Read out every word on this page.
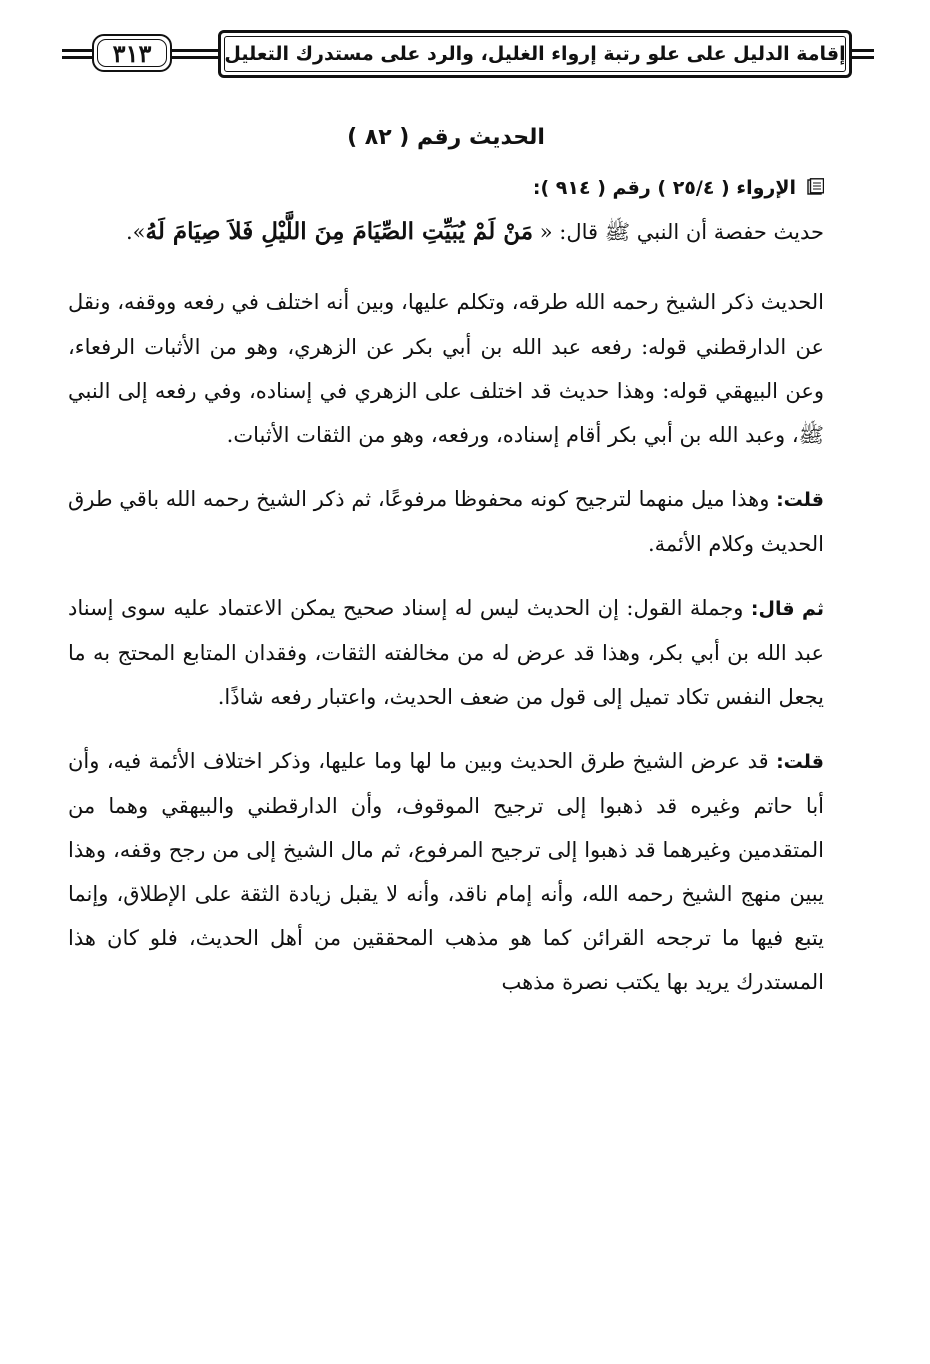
٣١٣	إقامة الدليل على علو رتبة إرواء الغليل، والرد على مستدرك التعليل
الحديث رقم ( ٨٢ )
الإرواء ( ٢٥/٤ ) رقم ( ٩١٤ ):

حديث حفصة أن النبي ﷺ قال: « مَنْ لَمْ يُبَيِّتِ الصِّيَامَ مِنَ اللَّيْلِ فَلاَ صِيَامَ لَهُ».

الحديث ذكر الشيخ رحمه الله طرقه، وتكلم عليها، وبين أنه اختلف في رفعه ووقفه، ونقل عن الدارقطني قوله: رفعه عبد الله بن أبي بكر عن الزهري، وهو من الأثبات الرفعاء، وعن البيهقي قوله: وهذا حديث قد اختلف على الزهري في إسناده، وفي رفعه إلى النبي ﷺ، وعبد الله بن أبي بكر أقام إسناده، ورفعه، وهو من الثقات الأثبات.

قلت: وهذا ميل منهما لترجيح كونه محفوظا مرفوعًا، ثم ذكر الشيخ رحمه الله باقي طرق الحديث وكلام الأئمة.

ثم قال: وجملة القول: إن الحديث ليس له إسناد صحيح يمكن الاعتماد عليه سوى إسناد عبد الله بن أبي بكر، وهذا قد عرض له من مخالفته الثقات، وفقدان المتابع المحتج به ما يجعل النفس تكاد تميل إلى قول من ضعف الحديث، واعتبار رفعه شاذًا.

قلت: قد عرض الشيخ طرق الحديث وبين ما لها وما عليها، وذكر اختلاف الأئمة فيه، وأن أبا حاتم وغيره قد ذهبوا إلى ترجيح الموقوف، وأن الدارقطني والبيهقي وهما من المتقدمين وغيرهما قد ذهبوا إلى ترجيح المرفوع، ثم مال الشيخ إلى من رجح وقفه، وهذا يبين منهج الشيخ رحمه الله، وأنه إمام ناقد، وأنه لا يقبل زيادة الثقة على الإطلاق، وإنما يتبع فيها ما ترجحه القرائن كما هو مذهب المحققين من أهل الحديث، فلو كان هذا المستدرك يريد بها يكتب نصرة مذهب
